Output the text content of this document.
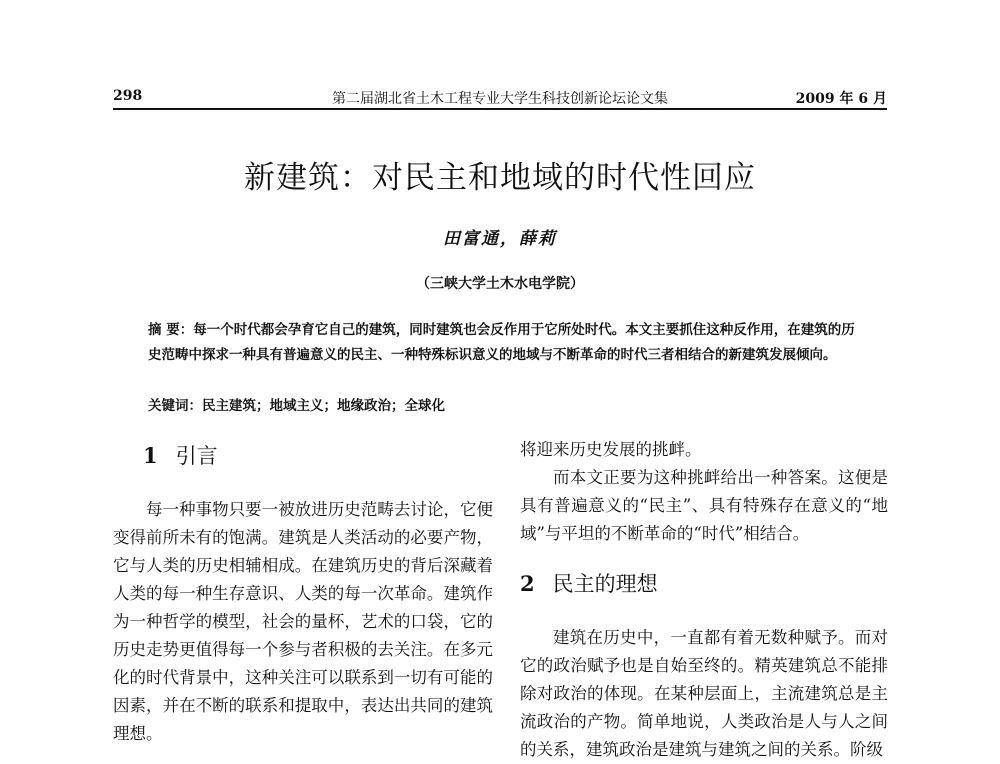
298	第二届湖北省土木工程专业大学生科技创新论坛论文集	2009 年 6 月
新建筑：对民主和地域的时代性回应
田富通，薛莉
（三峡大学土木水电学院）
摘 要：每一个时代都会孕育它自己的建筑，同时建筑也会反作用于它所处时代。本文主要抓住这种反作用，在建筑的历史范畴中探求一种具有普遍意义的民主、一种特殊标识意义的地域与不断革命的时代三者相结合的新建筑发展倾向。
关键词：民主建筑；地域主义；地缘政治；全球化
1 引言

每一种事物只要一被放进历史范畴去讨论，它便变得前所未有的饱满。建筑是人类活动的必要产物，它与人类的历史相辅相成。在建筑历史的背后深藏着人类的每一种生存意识、人类的每一次革命。建筑作为一种哲学的模型，社会的量杯，艺术的口袋，它的历史走势更值得每一个参与者积极的去关注。在多元化的时代背景中，这种关注可以联系到一切有可能的因素，并在不断的联系和提取中，表达出共同的建筑理想。

将迎来历史发展的挑衅。

而本文正要为这种挑衅给出一种答案。这便是具有普遍意义的“民主”、具有特殊存在意义的“地域”与平坦的不断革命的“时代”相结合。

2 民主的理想

建筑在历史中，一直都有着无数种赋予。而对它的政治赋予也是自始至终的。精英建筑总不能排除对政治的体现。在某种层面上，主流建筑总是主流政治的产物。简单地说，人类政治是人与人之间的关系，建筑政治是建筑与建筑之间的关系。阶级
